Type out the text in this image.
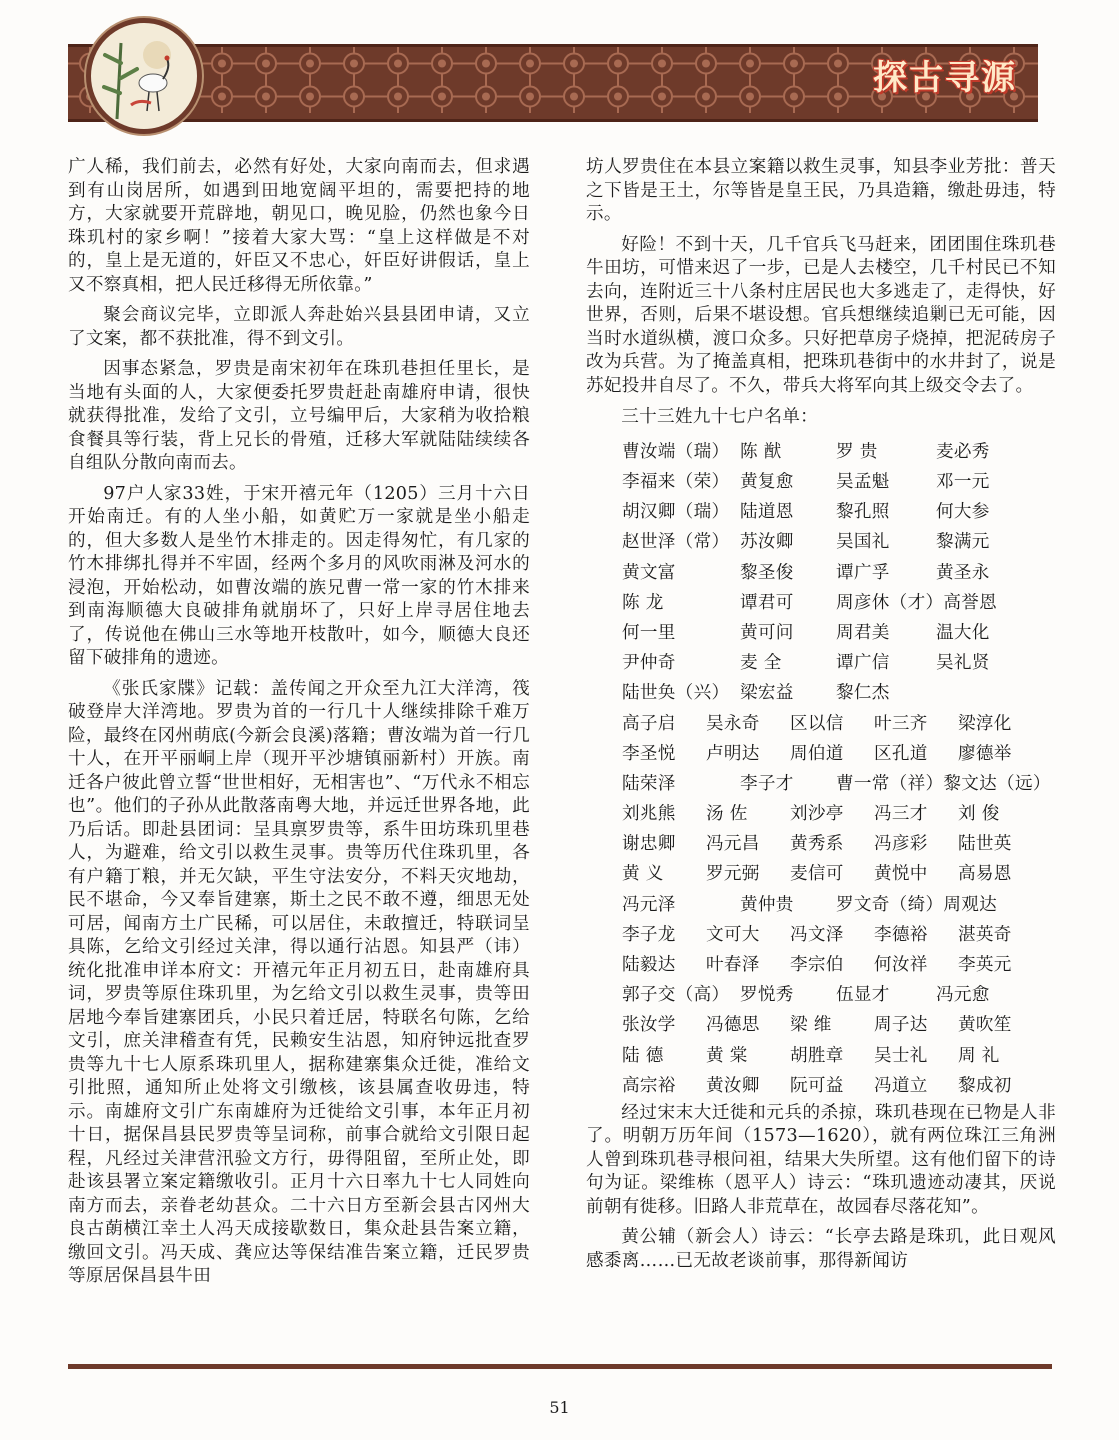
探古寻源

广人稀，我们前去，必然有好处，大家向南而去，但求遇到有山岗居所，如遇到田地宽阔平坦的，需要把持的地方，大家就要开荒辟地，朝见口，晚见脸，仍然也象今日珠玑村的家乡啊！”接着大家大骂：“皇上这样做是不对的，皇上是无道的，奸臣又不忠心，奸臣好讲假话，皇上又不察真相，把人民迁移得无所依靠。”

聚会商议完毕，立即派人奔赴始兴县县团申请，又立了文案，都不获批准，得不到文引。

因事态紧急，罗贵是南宋初年在珠玑巷担任里长，是当地有头面的人，大家便委托罗贵赶赴南雄府申请，很快就获得批准，发给了文引，立号编甲后，大家稍为收拾粮食餐具等行装，背上兄长的骨殖，迁移大军就陆陆续续各自组队分散向南而去。

97户人家33姓，于宋开禧元年（1205）三月十六日开始南迁。有的人坐小船，如黄贮万一家就是坐小船走的，但大多数人是坐竹木排走的。因走得匆忙，有几家的竹木排绑扎得并不牢固，经两个多月的风吹雨淋及河水的浸泡，开始松动，如曹汝端的族兄曹一常一家的竹木排来到南海顺德大良破排角就崩坏了，只好上岸寻居住地去了，传说他在佛山三水等地开枝散叶，如今，顺德大良还留下破排角的遗迹。

《张氏家牒》记载：盖传闻之开众至九江大洋湾，筏破登岸大洋湾地。罗贵为首的一行几十人继续排除千难万险，最终在冈州萌底(今新会良溪)落籍；曹汝端为首一行几十人，在开平丽峒上岸（现开平沙塘镇丽新村）开族。南迁各户彼此曾立誓“世世相好，无相害也”、“万代永不相忘也”。他们的子孙从此散落南粤大地，并远迁世界各地，此乃后话。即赴县团词：呈具禀罗贵等，系牛田坊珠玑里巷人，为避难，给文引以救生灵事。贵等历代住珠玑里，各有户籍丁粮，并无欠缺，平生守法安分，不料天灾地劫，民不堪命，今又奉旨建寨，斯土之民不敢不遵，细思无处可居，闻南方土广民稀，可以居住，未敢擅迁，特联词呈具陈，乞给文引经过关津，得以通行沾恩。知县严（讳）统化批准申详本府文：开禧元年正月初五日，赴南雄府具词，罗贵等原住珠玑里，为乞给文引以救生灵事，贵等田居地今奉旨建寨团兵，小民只着迁居，特联名句陈，乞给文引，庶关津稽查有凭，民赖安生沾恩，知府钟远批查罗贵等九十七人原系珠玑里人，据称建寨集众迁徙，准给文引批照，通知所止处将文引缴核，该县属查收毋违，特示。南雄府文引广东南雄府为迁徙给文引事，本年正月初十日，据保昌县民罗贵等呈词称，前事合就给文引限日起程，凡经过关津营汛验文方行，毋得阻留，至所止处，即赴该县署立案定籍缴收引。正月十六日率九十七人同姓向南方而去，亲眷老幼甚众。二十六日方至新会县古冈州大良古蓢横江幸土人冯天成接歇数日，集众赴县告案立籍，缴回文引。冯天成、龚应达等保结准告案立籍，迁民罗贵等原居保昌县牛田

坊人罗贵住在本县立案籍以救生灵事，知县李业芳批：普天之下皆是王土，尔等皆是皇王民，乃具造籍，缴赴毋违，特示。

好险！不到十天，几千官兵飞马赶来，团团围住珠玑巷牛田坊，可惜来迟了一步，已是人去楼空，几千村民已不知去向，连附近三十八条村庄居民也大多逃走了，走得快，好世界，否则，后果不堪设想。官兵想继续追剿已无可能，因当时水道纵横，渡口众多。只好把草房子烧掉，把泥砖房子改为兵营。为了掩盖真相，把珠玑巷街中的水井封了，说是苏妃投井自尽了。不久，带兵大将军向其上级交令去了。

三十三姓九十七户名单：
曹汝端（瑞） 陈 猷	罗 贵	麦必秀
李福来（荣） 黄复愈	吴孟魁	邓一元
胡汉卿（瑞） 陆道恩	黎孔照	何大参
赵世泽（常） 苏汝卿	吴国礼	黎满元
黄文富	黎圣俊	谭广孚	黄圣永
陈 龙	谭君可	周彦休（才） 高誉恩
何一里	黄可问	周君美	温大化
尹仲奇	麦 全	谭广信	吴礼贤
陆世奂（兴） 梁宏益	黎仁杰
高子启	吴永奇	区以信	叶三齐	梁淳化
李圣悦	卢明达	周伯道	区孔道	廖德举
陆荣泽	李子才	曹一常（祥） 黎文达（远）
刘兆熊	汤 佐	刘沙亭	冯三才	刘 俊
谢忠卿	冯元昌	黄秀系	冯彦彩	陆世英
黄 义	罗元弼	麦信可	黄悦中	高易恩
冯元泽	黄仲贵	罗文奇（绮） 周观达
李子龙	文可大	冯文泽	李德裕	湛英奇
陆毅达	叶春泽	李宗伯	何汝祥	李英元
郭子交（高） 罗悦秀	伍显才	冯元愈
张汝学	冯德思	梁 维	周子达	黄吹笙
陆 德	黄 棠	胡胜章	吴士礼	周 礼
高宗裕	黄汝卿	阮可益	冯道立	黎成初

经过宋末大迁徙和元兵的杀掠，珠玑巷现在已物是人非了。明朝万历年间（1573—1620），就有两位珠江三角洲人曾到珠玑巷寻根问祖，结果大失所望。这有他们留下的诗句为证。梁维栋（恩平人）诗云：“珠玑遗迹动凄其，厌说前朝有徙移。旧路人非荒草在，故园春尽落花知”。

黄公辅（新会人）诗云：“长亭去路是珠玑，此日观风感黍离……已无故老谈前事，那得新闻访

51
